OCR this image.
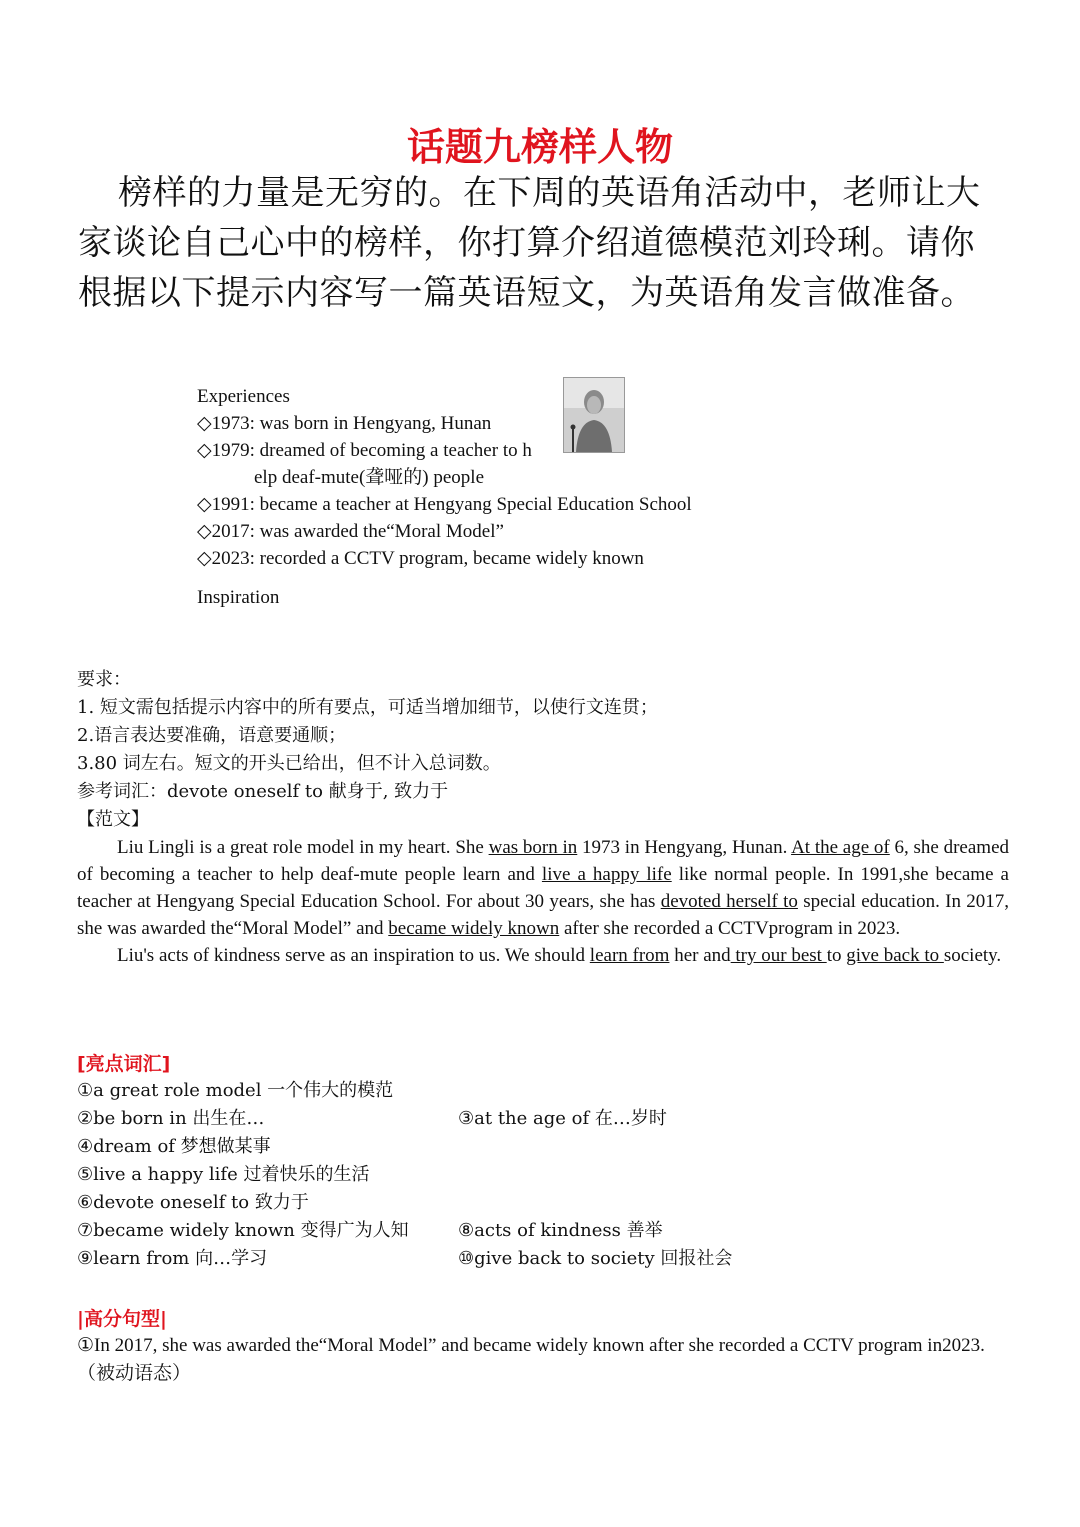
话题九榜样人物
榜样的力量是无穷的。在下周的英语角活动中，老师让大家谈论自己心中的榜样，你打算介绍道德模范刘玲琍。请你根据以下提示内容写一篇英语短文，为英语角发言做准备。
Experiences
◇1973: was born in Hengyang, Hunan
◇1979: dreamed of becoming a teacher to h
elp deaf-mute(聋哑的) people
◇1991: became a teacher at Hengyang Special Education School
◇2017: was awarded the“Moral Model”
◇2023: recorded a CCTV program, became widely known
Inspiration
要求：
1. 短文需包括提示内容中的所有要点，可适当增加细节，以使行文连贯；
2.语言表达要准确，语意要通顺；
3.80 词左右。短文的开头已给出，但不计入总词数。
参考词汇：devote oneself to 献身于, 致力于
【范文】

Liu Lingli is a great role model in my heart. She was born in 1973 in Hengyang, Hunan. At the age of 6, she dreamed of becoming a teacher to help deaf-mute people learn and live a happy life like normal people. In 1991,she became a teacher at Hengyang Special Education School. For about 30 years, she has devoted herself to special education. In 2017, she was awarded the“Moral Model” and became widely known after she recorded a CCTVprogram in 2023.

Liu's acts of kindness serve as an inspiration to us. We should learn from her and try our best to give back to society.

[亮点词汇]
①a great role model 一个伟大的模范
②be born in 出生在…	③at the age of 在…岁时
④dream of 梦想做某事
⑤live a happy life 过着快乐的生活
⑥devote oneself to 致力于
⑦became widely known 变得广为人知	⑧acts of kindness 善举
⑨learn from 向…学习	⑩give back to society 回报社会
|高分句型|
①In 2017, she was awarded the“Moral Model” and became widely known after she recorded a CCTV program in2023.（被动语态）
